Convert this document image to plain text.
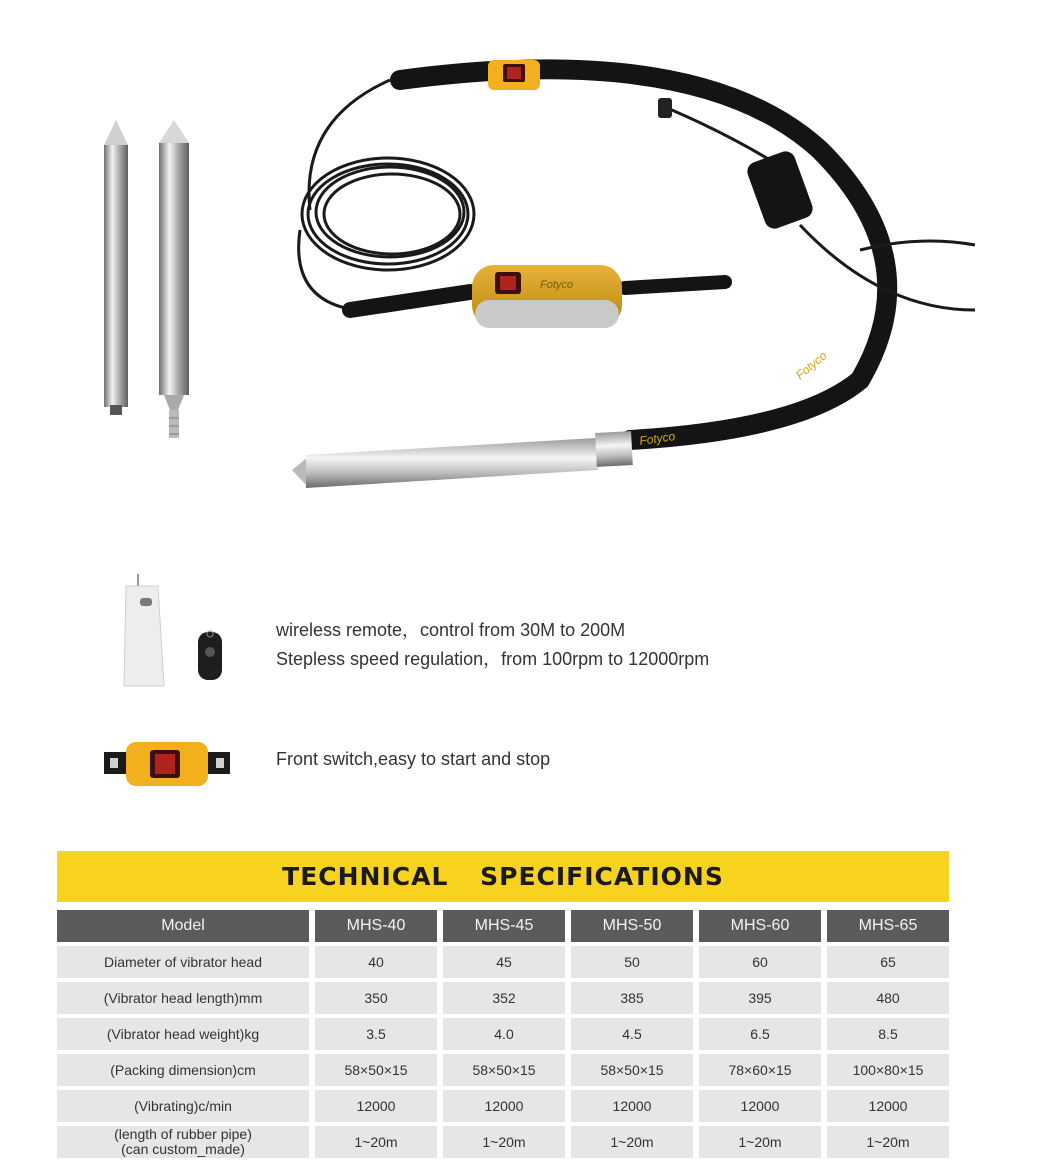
Fotyco
Fotyco
Fotyco
wireless remote，control from 30M to 200M
Stepless speed regulation，from 100rpm to 12000rpm
Front switch,easy to start and stop
TECHNICAL SPECIFICATIONS
Model	MHS-40	MHS-45	MHS-50	MHS-60	MHS-65
Diameter of vibrator head	40	45	50	60	65
(Vibrator head length)mm	350	352	385	395	480
(Vibrator head weight)kg	3.5	4.0	4.5	6.5	8.5
(Packing dimension)cm	58×50×15	58×50×15	58×50×15	78×60×15	100×80×15
(Vibrating)c/min	12000	12000	12000	12000	12000
(length of rubber pipe)
(can custom_made)	1~20m	1~20m	1~20m	1~20m	1~20m
